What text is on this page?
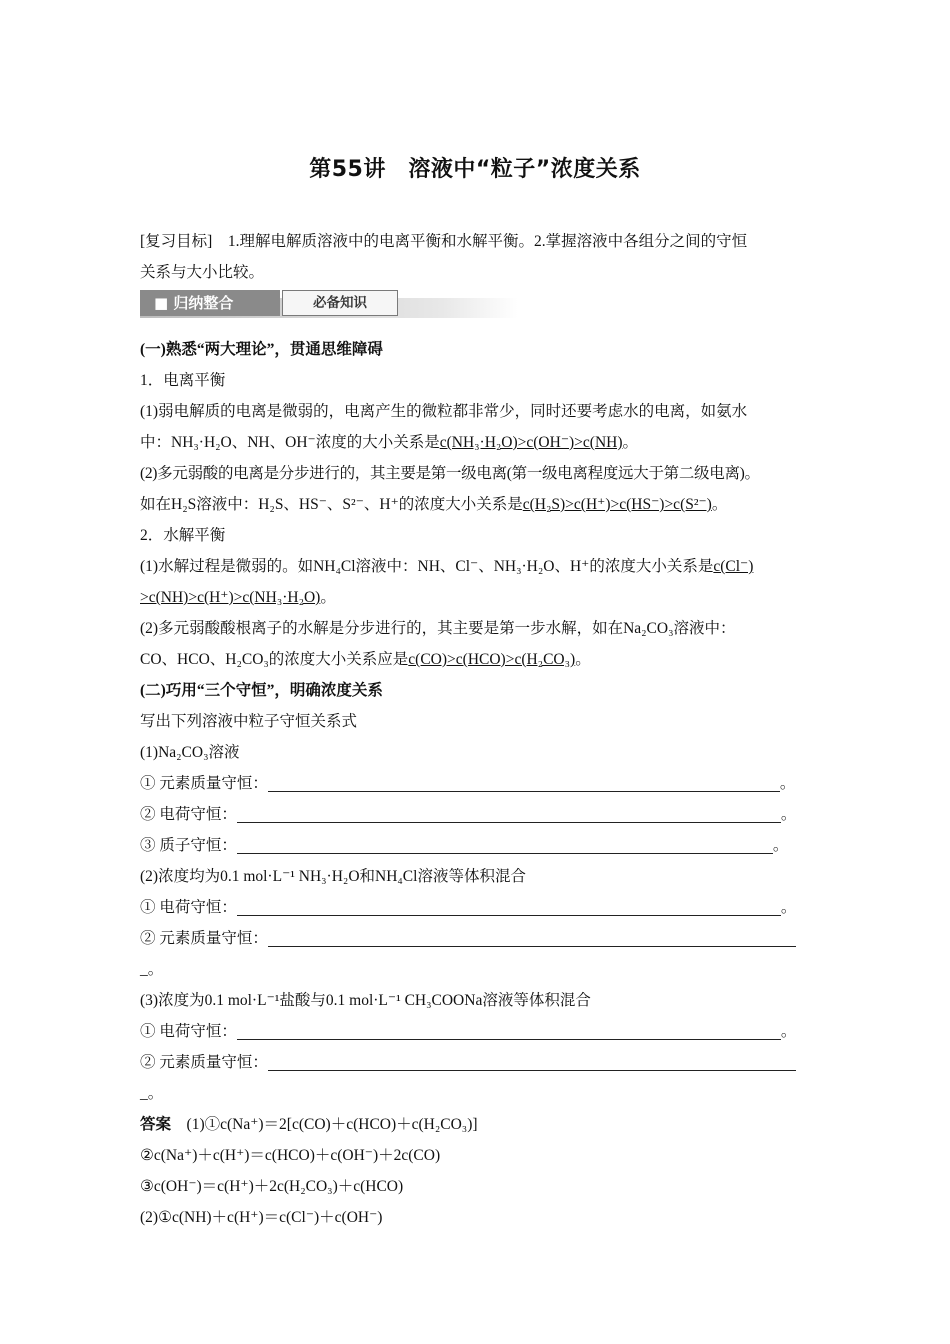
第55讲　溶液中“粒子”浓度关系
[复习目标]　 1.理解电解质溶液中的电离平衡和水解平衡。2.掌握溶液中各组分之间的守恒
关系与大小比较。
■ 归纳整合	必备知识
(一)熟悉“两大理论”，贯通思维障碍
1．电离平衡
(1)弱电解质的电离是微弱的，电离产生的微粒都非常少，同时还要考虑水的电离，如氨水
中：NH₃·H₂O、NH、OH⁻浓度的大小关系是c(NH₃·H₂O)>c(OH⁻)>c(NH)。
(2)多元弱酸的电离是分步进行的，其主要是第一级电离(第一级电离程度远大于第二级电离)。
如在H₂S溶液中：H₂S、HS⁻、S²⁻、H⁺的浓度大小关系是c(H₂S)>c(H⁺)>c(HS⁻)>c(S²⁻)。
2．水解平衡
(1)水解过程是微弱的。如NH₄Cl溶液中：NH、Cl⁻、NH₃·H₂O、H⁺的浓度大小关系是c(Cl⁻)
>c(NH)>c(H⁺)>c(NH₃·H₂O)。
(2)多元弱酸酸根离子的水解是分步进行的，其主要是第一步水解，如在Na₂CO₃溶液中：
CO、HCO、H₂CO₃的浓度大小关系应是c(CO)>c(HCO)>c(H₂CO₃)。
(二)巧用“三个守恒”，明确浓度关系
写出下列溶液中粒子守恒关系式
(1)Na₂CO₃溶液
① 元素质量守恒：	。
② 电荷守恒：	。
③ 质子守恒：	。
(2)浓度均为0.1 mol·L⁻¹ NH₃·H₂O和NH₄Cl溶液等体积混合
① 电荷守恒：	。
② 元素质量守恒：
_。
(3)浓度为0.1 mol·L⁻¹盐酸与0.1 mol·L⁻¹ CH₃COONa溶液等体积混合
① 电荷守恒：	。
② 元素质量守恒：
_。
答案　 (1)①c(Na⁺)＝2[c(CO)＋c(HCO)＋c(H₂CO₃)]
②c(Na⁺)＋c(H⁺)＝c(HCO)＋c(OH⁻)＋2c(CO)
③c(OH⁻)＝c(H⁺)＋2c(H₂CO₃)＋c(HCO)
(2)①c(NH)＋c(H⁺)＝c(Cl⁻)＋c(OH⁻)
